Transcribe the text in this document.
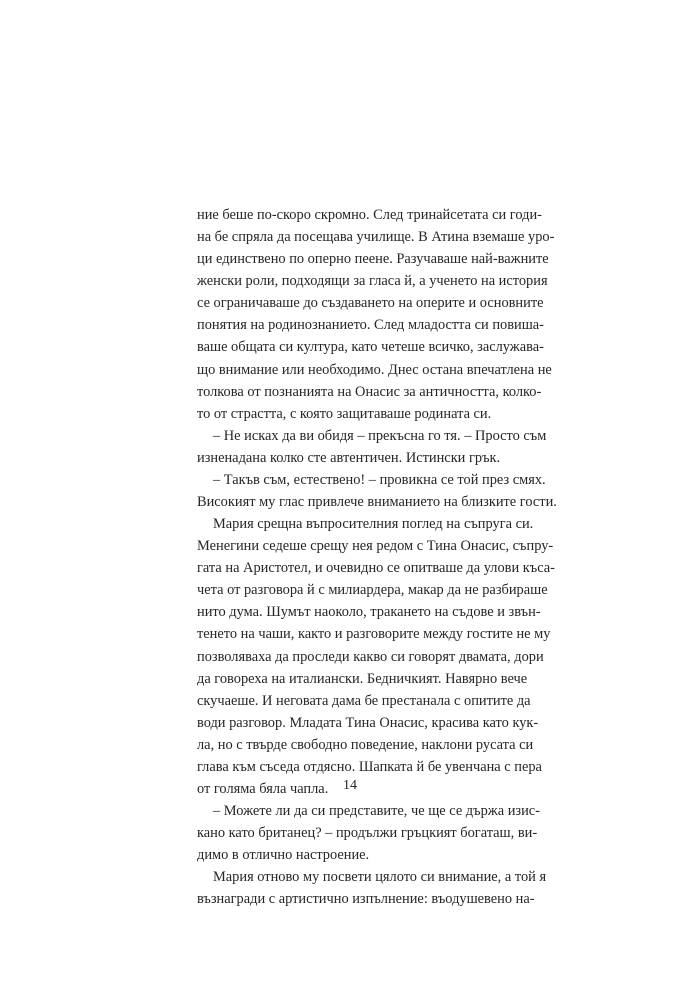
ние беше по-скоро скромно. След тринайсетата си годи-
на бе спряла да посещава училище. В Атина вземаше уро-
ци единствено по оперно пеене. Разучаваше най-важните
женски роли, подходящи за гласа й, а ученето на история
се ограничаваше до създаването на оперите и основните
понятия на родинознанието. След младостта си повиша-
ваше общата си култура, като четеше всичко, заслужава-
що внимание или необходимо. Днес остана впечатлена не
толкова от познанията на Онасис за античността, колко-
то от страстта, с която защитаваше родината си.
– Не исках да ви обидя – прекъсна го тя. – Просто съм
изненадана колко сте автентичен. Истински грък.
– Такъв съм, естествено! – провикна се той през смях.
Високият му глас привлече вниманието на близките гости.
Мария срещна въпросителния поглед на съпруга си.
Менегини седеше срещу нея редом с Тина Онасис, съпру-
гата на Аристотел, и очевидно се опитваше да улови къса-
чета от разговора й с милиардера, макар да не разбираше
нито дума. Шумът наоколо, тракането на съдове и звън-
тенето на чаши, както и разговорите между гостите не му
позволяваха да проследи какво си говорят двамата, дори
да говореха на италиански. Бедничкият. Навярно вече
скучаеше. И неговата дама бе престанала с опитите да
води разговор. Младата Тина Онасис, красива като кук-
ла, но с твърде свободно поведение, наклони русата си
глава към съседа отдясно. Шапката й бе увенчана с пера
от голяма бяла чапла.
– Можете ли да си представите, че ще се държа изис-
кано като британец? – продължи гръцкият богаташ, ви-
димо в отлично настроение.
Мария отново му посвети цялото си внимание, а той я
възнагради с артистично изпълнение: въодушевено на-
14
